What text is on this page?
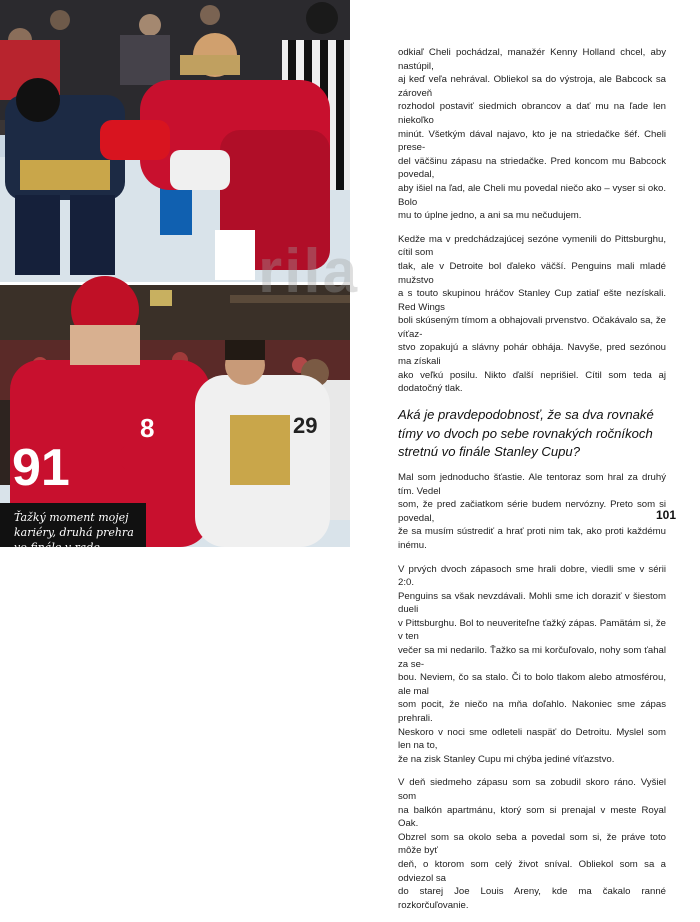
91
8	29
Ťažký moment mojej kariéry, druhá prehra vo finále v rade

odkiaľ Cheli pochádzal, manažér Kenny Holland chcel, aby nastúpil,
aj keď veľa nehrával. Obliekol sa do výstroja, ale Babcock sa zároveň
rozhodol postaviť siedmich obrancov a dať mu na ľade len niekoľko
minút. Všetkým dával najavo, kto je na striedačke šéf. Cheli prese-
del väčšinu zápasu na striedačke. Pred koncom mu Babcock povedal,
aby išiel na ľad, ale Cheli mu povedal niečo ako – vyser si oko. Bolo
mu to úplne jedno, a ani sa mu nečudujem.

Kedže ma v predchádzajúcej sezóne vymenili do Pittsburghu, cítil som
tlak, ale v Detroite bol ďaleko väčší. Penguins mali mladé mužstvo
a s touto skupinou hráčov Stanley Cup zatiaľ ešte nezískali. Red Wings
boli skúseným tímom a obhajovali prvenstvo. Očakávalo sa, že víťaz-
stvo zopakujú a slávny pohár obhája. Navyše, pred sezónou ma získali
ako veľkú posilu. Nikto ďalší neprišiel. Cítil som teda aj dodatočný tlak.

Aká je pravdepodobnosť, že sa dva rovnaké tímy vo dvoch po sebe rovnakých ročníkoch stretnú vo finále Stanley Cupu?

Mal som jednoducho šťastie. Ale tentoraz som hral za druhý tím. Vedel
som, že pred začiatkom série budem nervózny. Preto som si povedal,
že sa musím sústrediť a hrať proti nim tak, ako proti každému inému.

V prvých dvoch zápasoch sme hrali dobre, viedli sme v sérii 2:0.
Penguins sa však nevzdávali. Mohli sme ich doraziť v šiestom dueli
v Pittsburghu. Bol to neuveriteľne ťažký zápas. Pamätám si, že v ten
večer sa mi nedarilo. Ťažko sa mi korčuľovalo, nohy som ťahal za se-
bou. Neviem, čo sa stalo. Či to bolo tlakom alebo atmosférou, ale mal
som pocit, že niečo na mňa doľahlo. Nakoniec sme zápas prehrali.
Neskoro v noci sme odleteli naspäť do Detroitu. Myslel som len na to,
že na zisk Stanley Cupu mi chýba jediné víťazstvo.

V deň siedmeho zápasu som sa zobudil skoro ráno. Vyšiel som
na balkón apartmánu, ktorý som si prenajal v meste Royal Oak.
Obzrel som sa okolo seba a povedal som si, že práve toto môže byť
deň, o ktorom som celý život sníval. Obliekol som sa a odviezol sa
do starej Joe Louis Areny, kde ma čakalo ranné rozkorčuľovanie.

rila
101
